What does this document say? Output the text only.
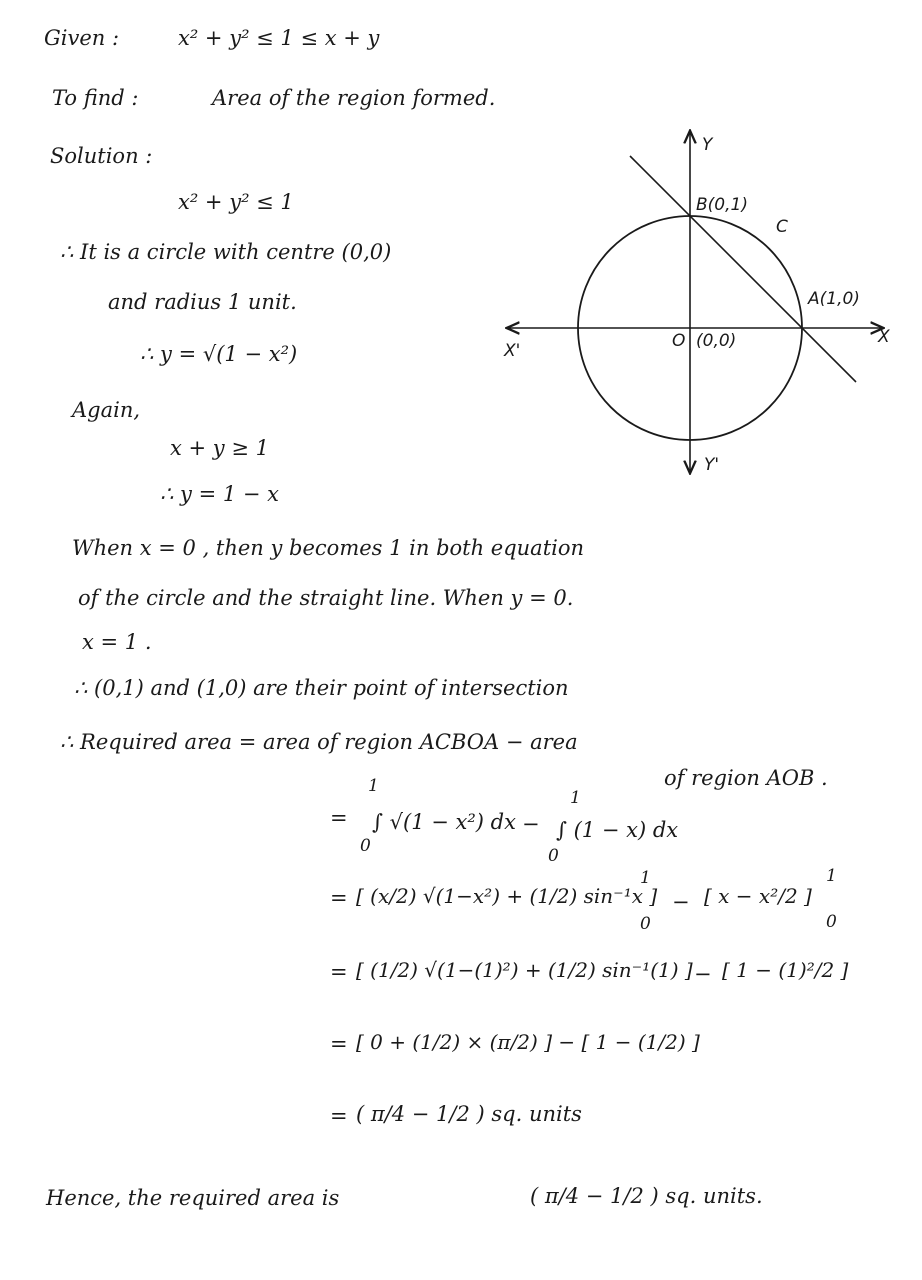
Given :	x² + y² ≤ 1 ≤ x + y
To find :	Area of the region formed.
Solution :
x² + y² ≤ 1
∴ It is a circle with centre (0,0)
and radius 1 unit.
∴ y = √(1 − x²)
Again,
x + y ≥ 1
∴ y = 1 − x
When x = 0 , then y becomes 1 in both equation
of the circle and the straight line. When y = 0.
x = 1 .
∴ (0,1) and (1,0) are their point of intersection
∴ Required area = area of region ACBOA − area
of region AOB .
=
1
0
∫ √(1 − x²) dx −
1
0
∫ (1 − x) dx
= [ (x/2) √(1−x²) + (1/2) sin⁻¹x ]
1
0
− [ x − x²/2 ]
1
0
= [ (1/2) √(1−(1)²) + (1/2) sin⁻¹(1) ] − [ 1 − (1)²/2 ]
= [ 0 + (1/2) × (π/2) ] − [ 1 − (1/2) ]
= ( π/4 − 1/2 ) sq. units
Hence, the required area is	( π/4 − 1/2 ) sq. units.
Y
Y'
X
X'
B(0,1)
C
A(1,0)
O (0,0)
